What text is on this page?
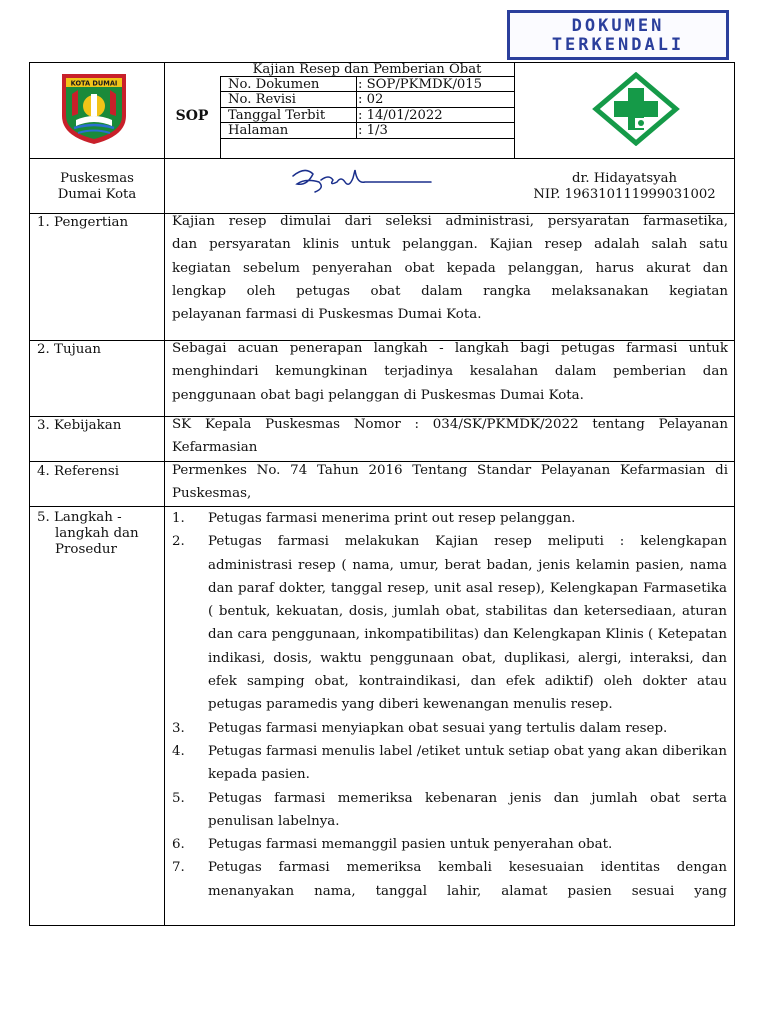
DOKUMEN
TERKENDALI
KOTA DUMAI
SOP
Kajian Resep dan Pemberian Obat
No. Dokumen	: SOP/PKMDK/015
No. Revisi	: 02
Tanggal Terbit : 14/01/2022
Halaman	: 1/3
Puskesmas
Dumai Kota
dr. Hidayatsyah
NIP. 196310111999031002
1. Pengertian	Kajian resep dimulai dari seleksi administrasi, persyaratan farmasetika,
dan persyaratan klinis untuk pelanggan. Kajian resep adalah salah satu
kegiatan sebelum penyerahan obat kepada pelanggan, harus akurat dan
lengkap oleh petugas obat dalam rangka melaksanakan kegiatan
pelayanan farmasi di Puskesmas Dumai Kota.
2. Tujuan	Sebagai acuan penerapan langkah - langkah bagi petugas farmasi untuk
menghindari kemungkinan terjadinya kesalahan dalam pemberian dan
penggunaan obat bagi pelanggan di Puskesmas Dumai Kota.
3. Kebijakan	SK Kepala Puskesmas Nomor : 034/SK/PKMDK/2022 tentang Pelayanan
Kefarmasian
4. Referensi	Permenkes No. 74 Tahun 2016 Tentang Standar Pelayanan Kefarmasian di
Puskesmas,
5. Langkah -
langkah dan
Prosedur
1. Petugas farmasi menerima print out resep pelanggan.
2. Petugas farmasi melakukan Kajian resep meliputi : kelengkapan administrasi resep ( nama, umur, berat badan, jenis kelamin pasien, nama dan paraf dokter, tanggal resep, unit asal resep), Kelengkapan Farmasetika ( bentuk, kekuatan, dosis, jumlah obat, stabilitas dan ketersediaan, aturan dan cara penggunaan, inkompatibilitas) dan Kelengkapan Klinis ( Ketepatan indikasi, dosis, waktu penggunaan obat, duplikasi, alergi, interaksi, dan efek samping obat, kontraindikasi, dan efek adiktif) oleh dokter atau petugas paramedis yang diberi kewenangan menulis resep.
3. Petugas farmasi menyiapkan obat sesuai yang tertulis dalam resep.
4. Petugas farmasi menulis label /etiket untuk setiap obat yang akan diberikan kepada pasien.
5. Petugas farmasi memeriksa kebenaran jenis dan jumlah obat serta penulisan labelnya.
6. Petugas farmasi memanggil pasien untuk penyerahan obat.
7. Petugas farmasi memeriksa kembali kesesuaian identitas dengan menanyakan nama, tanggal lahir, alamat pasien sesuai yang
